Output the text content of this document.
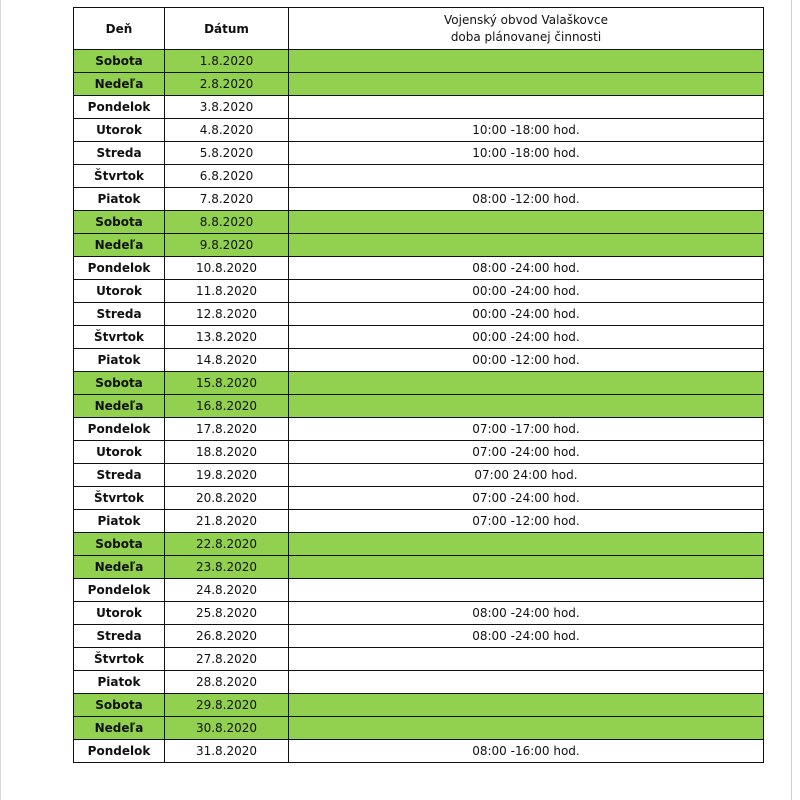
Deň	Dátum	Vojenský obvod Valaškovce
doba plánovanej činnosti

Sobota	1.8.2020	
Nedeľa	2.8.2020	
Pondelok	3.8.2020	
Utorok	4.8.2020	10:00 -18:00 hod.
Streda	5.8.2020	10:00 -18:00 hod.
Štvrtok	6.8.2020	
Piatok	7.8.2020	08:00 -12:00 hod.
Sobota	8.8.2020	
Nedeľa	9.8.2020	
Pondelok	10.8.2020	08:00 -24:00 hod.
Utorok	11.8.2020	00:00 -24:00 hod.
Streda	12.8.2020	00:00 -24:00 hod.
Štvrtok	13.8.2020	00:00 -24:00 hod.
Piatok	14.8.2020	00:00 -12:00 hod.
Sobota	15.8.2020	
Nedeľa	16.8.2020	
Pondelok	17.8.2020	07:00 -17:00 hod.
Utorok	18.8.2020	07:00 -24:00 hod.
Streda	19.8.2020	07:00 24:00 hod.
Štvrtok	20.8.2020	07:00 -24:00 hod.
Piatok	21.8.2020	07:00 -12:00 hod.
Sobota	22.8.2020	
Nedeľa	23.8.2020	
Pondelok	24.8.2020	
Utorok	25.8.2020	08:00 -24:00 hod.
Streda	26.8.2020	08:00 -24:00 hod.
Štvrtok	27.8.2020	
Piatok	28.8.2020	
Sobota	29.8.2020	
Nedeľa	30.8.2020	
Pondelok	31.8.2020	08:00 -16:00 hod.
